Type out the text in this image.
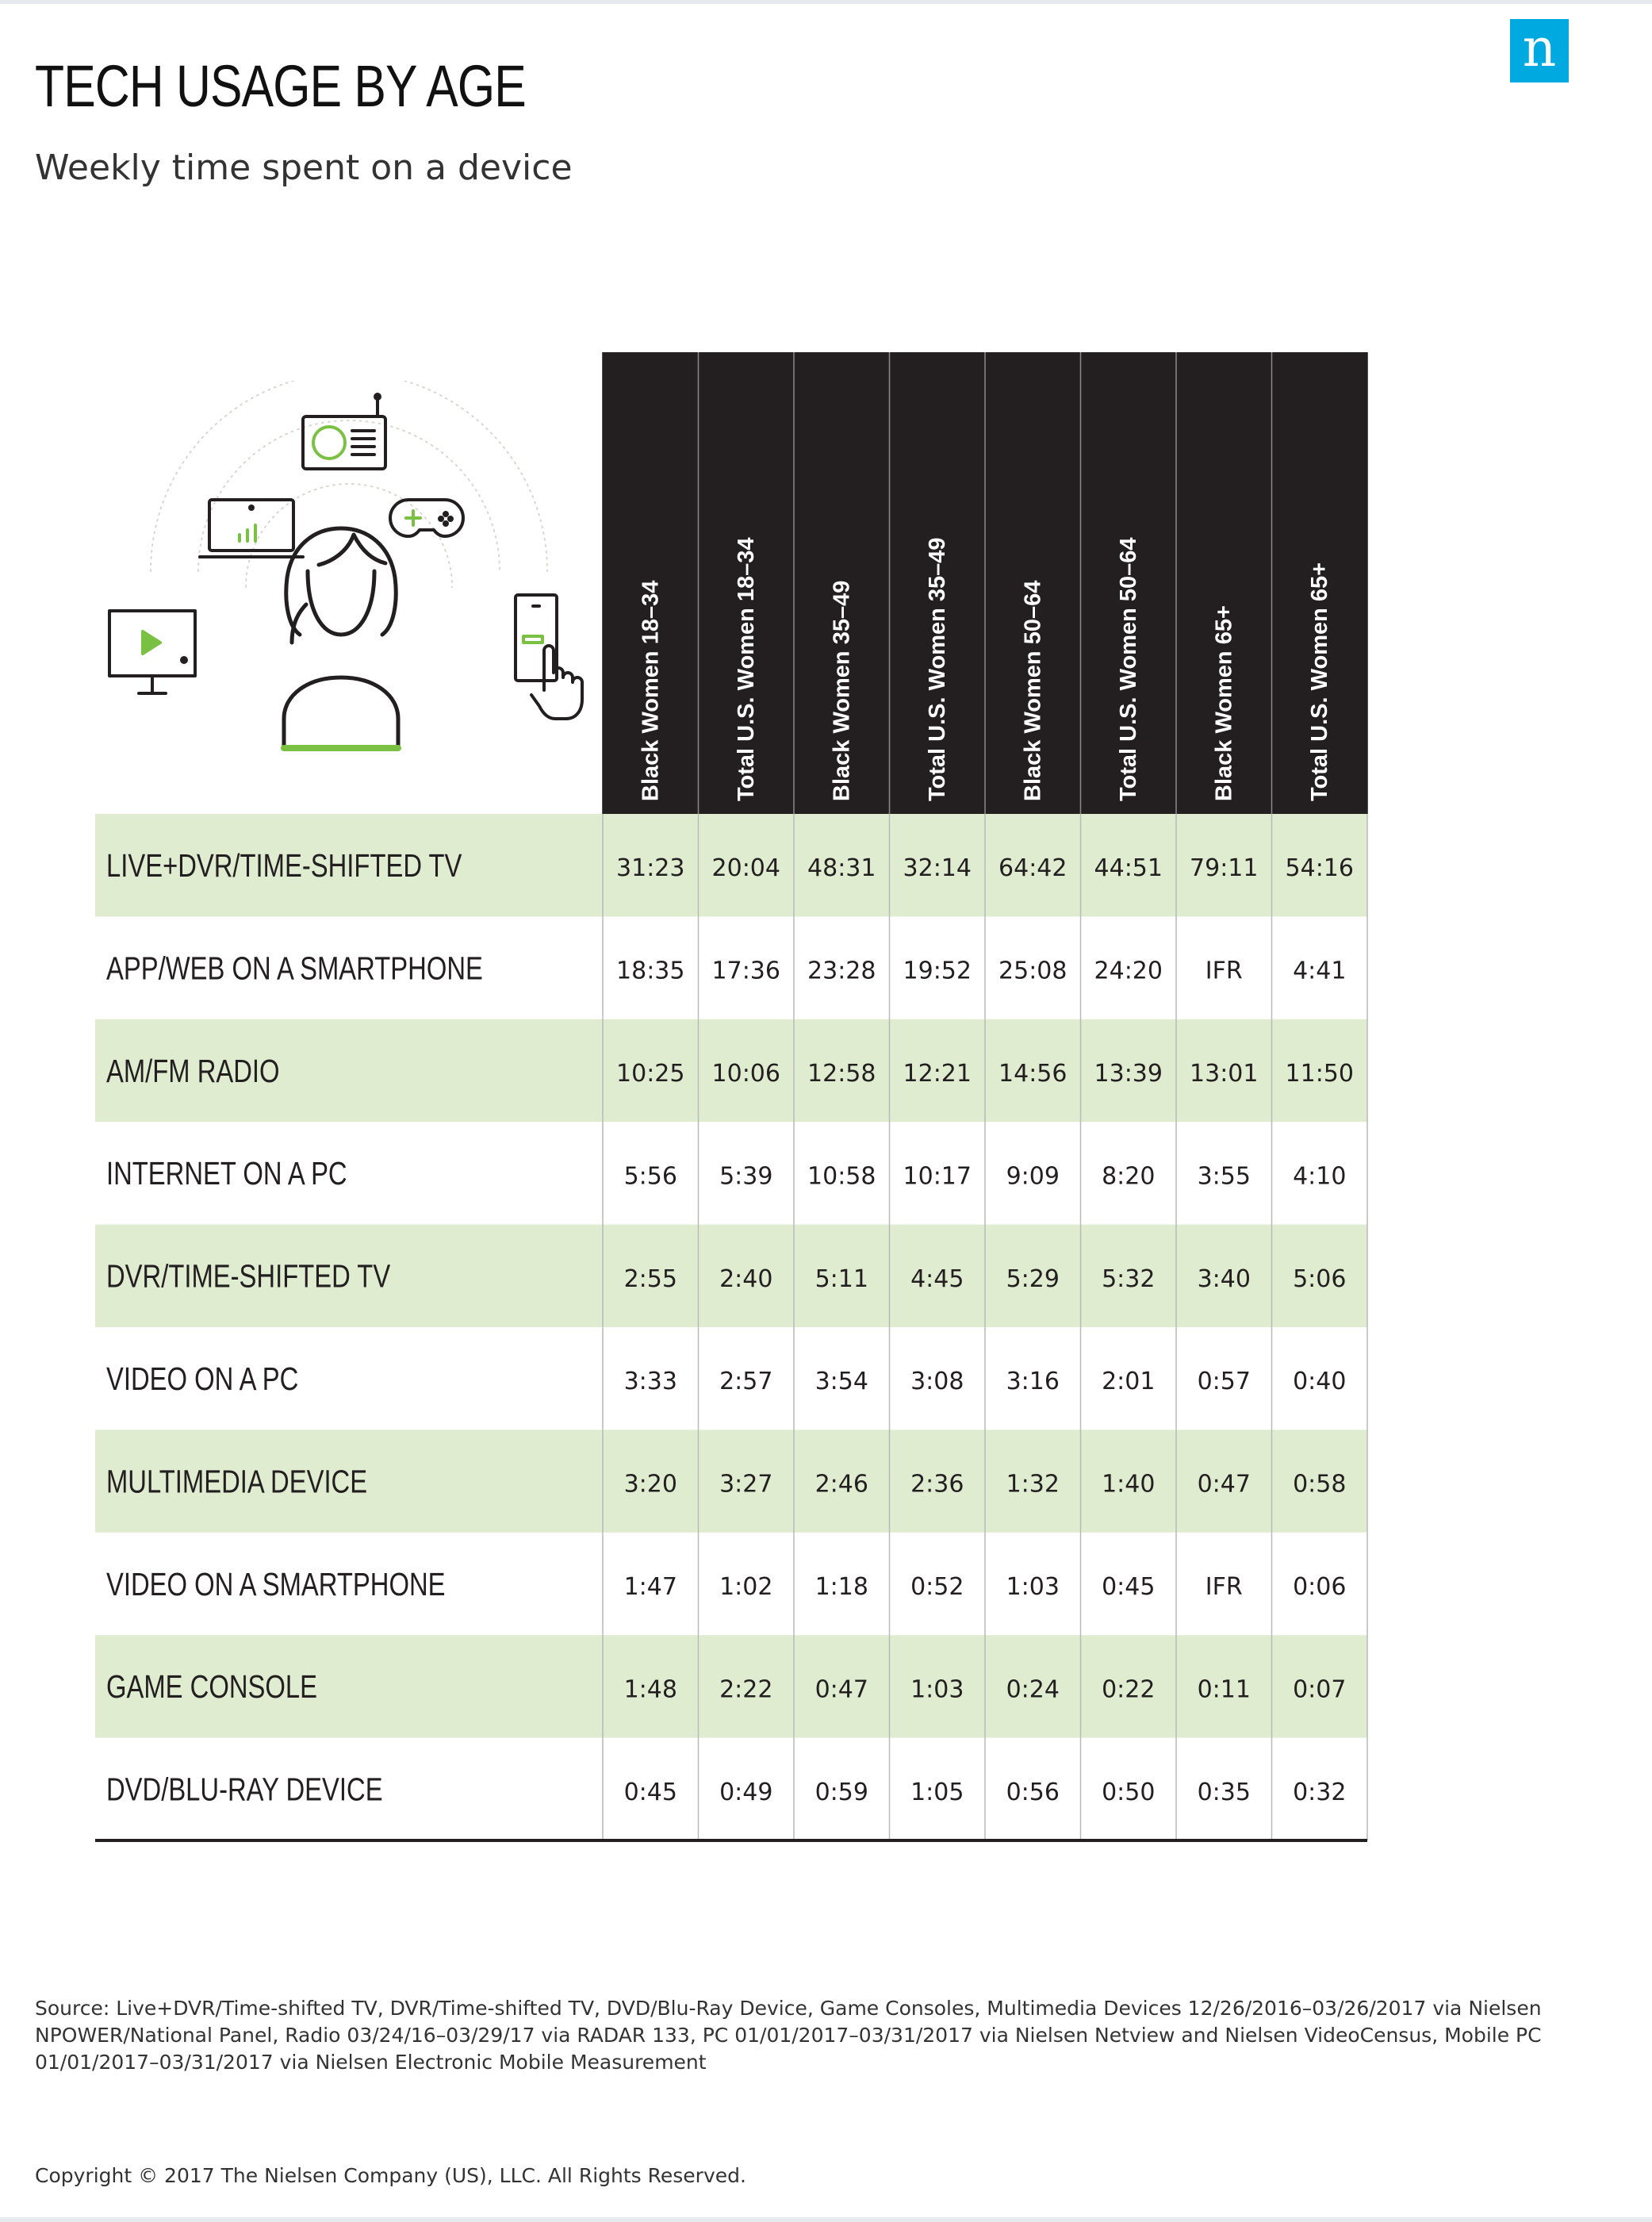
n
TECH USAGE BY AGE
Weekly time spent on a device
Black Women 18–34	Total U.S. Women 18–34	Black Women 35–49	Total U.S. Women 35–49	Black Women 50–64	Total U.S. Women 50–64	Black Women 65+	Total U.S. Women 65+
LIVE+DVR/TIME-SHIFTED TV	31:23 20:04 48:31 32:14 64:42 44:51 79:11 54:16
APP/WEB ON A SMARTPHONE	18:35 17:36 23:28 19:52 25:08 24:20 IFR 4:41
AM/FM RADIO	10:25 10:06 12:58 12:21 14:56 13:39 13:01 11:50
INTERNET ON A PC	5:56 5:39 10:58 10:17 9:09 8:20 3:55 4:10
DVR/TIME-SHIFTED TV	2:55 2:40 5:11 4:45 5:29 5:32 3:40 5:06
VIDEO ON A PC	3:33 2:57 3:54 3:08 3:16 2:01 0:57 0:40
MULTIMEDIA DEVICE	3:20 3:27 2:46 2:36 1:32 1:40 0:47 0:58
VIDEO ON A SMARTPHONE	1:47 1:02 1:18 0:52 1:03 0:45 IFR 0:06
GAME CONSOLE	1:48 2:22 0:47 1:03 0:24 0:22 0:11 0:07
DVD/BLU-RAY DEVICE	0:45 0:49 0:59 1:05 0:56 0:50 0:35 0:32
Source: Live+DVR/Time-shifted TV, DVR/Time-shifted TV, DVD/Blu-Ray Device, Game Consoles, Multimedia Devices 12/26/2016–03/26/2017 via Nielsen NPOWER/National Panel, Radio 03/24/16–03/29/17 via RADAR 133, PC 01/01/2017–03/31/2017 via Nielsen Netview and Nielsen VideoCensus, Mobile PC 01/01/2017–03/31/2017 via Nielsen Electronic Mobile Measurement
Copyright © 2017 The Nielsen Company (US), LLC. All Rights Reserved.
